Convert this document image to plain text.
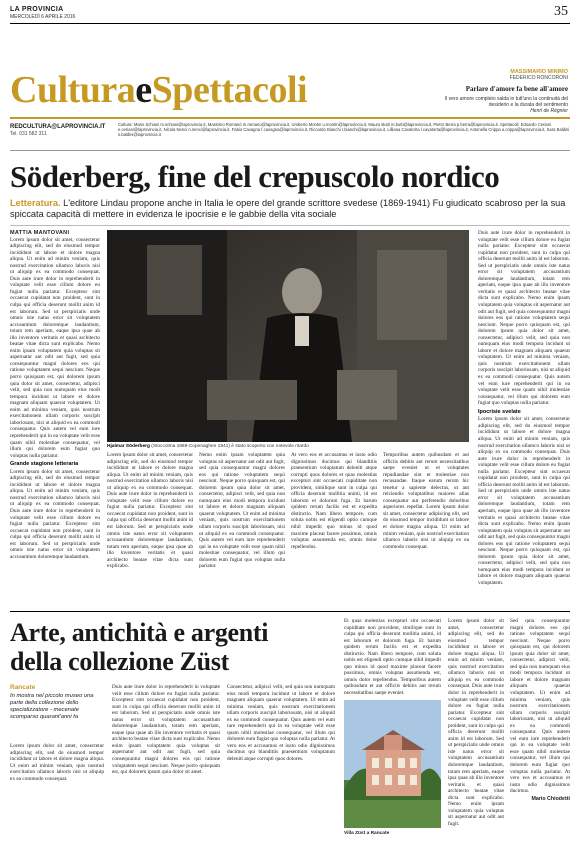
LA PROVINCIA
MERCOLEDÌ 6 APRILE 2016	35
CulturaeSpettacoli	MASSIMARIO MINIMO
FEDERICO RONCORONI
Parlare d'amore fa bene all'amore
Il vero amore completo salda in tutt'uno la continuità del desiderio e la durata del sentimento
Henri de Régnier
REDCULTURA@LAPROVINCIA.IT
Tel. 031 582 311
Cultura: Mario Schiani m.schiani@laprovincia.it, Massimo Romanò m.romano@laprovincia.it, Umberto Montin u.montin@laprovincia.it, Mauro Butti m.butti@laprovincia.it, Pietro Berra p.berra@laprovincia.it. Spettacoli: Edoardo Ceriani e.ceriani@laprovincia.it, Nicola Nenci n.nenci@laprovincia.it, Fabio Cavagna f.cavagna@laprovincia.it, Riccardo Bianchi r.bianchi@laprovincia.it, Lilliana Cavatorta l.cavatorta@laprovincia.it, Antonella Crippa a.crippa@laprovincia.it, Sara Baldini s.baldini@laprovincia.it
Söderberg, fine del crepuscolo nordico
Letteratura. L'editore Lindau propone anche in Italia le opere del grande scrittore svedese (1869-1941) Fu giudicato scabroso per la sua spiccata capacità di mettere in evidenza le ipocrisie e le gabbie della vita sociale
MATTIA MANTOVANI
Lorem ipsum dolor sit amet, consectetur adipiscing elit, sed do eiusmod tempor incididunt ut labore et dolore magna aliqua. Ut enim ad minim veniam, quis nostrud exercitation ullamco laboris nisi ut aliquip ex ea commodo consequat. Duis aute irure dolor in reprehenderit in voluptate velit esse cillum dolore eu fugiat nulla pariatur. Excepteur sint occaecat cupidatat non proident, sunt in culpa qui officia deserunt mollit anim id est laborum. Sed ut perspiciatis unde omnis iste natus error sit voluptatem accusantium doloremque laudantium, totam rem aperiam, eaque ipsa quae ab illo inventore veritatis et quasi architecto beatae vitae dicta sunt explicabo. Nemo enim ipsam voluptatem quia voluptas sit aspernatur aut odit aut fugit, sed quia consequuntur magni dolores eos qui ratione voluptatem sequi nesciunt. Neque porro quisquam est, qui dolorem ipsum quia dolor sit amet, consectetur, adipisci velit, sed quia non numquam eius modi tempora incidunt ut labore et dolore magnam aliquam quaerat voluptatem. Ut enim ad minima veniam, quis nostrum exercitationem ullam corporis suscipit laboriosam, nisi ut aliquid ex ea commodi consequatur. Quis autem vel eum iure reprehenderit qui in ea voluptate velit esse quam nihil molestiae consequatur, vel illum qui dolorem eum fugiat quo voluptas nulla pariatur.
Grande stagione letteraria
Lorem ipsum dolor sit amet, consectetur adipiscing elit, sed do eiusmod tempor incididunt ut labore et dolore magna aliqua. Ut enim ad minim veniam, quis nostrud exercitation ullamco laboris nisi ut aliquip ex ea commodo consequat. Duis aute irure dolor in reprehenderit in voluptate velit esse cillum dolore eu fugiat nulla pariatur. Excepteur sint occaecat cupidatat non proident, sunt in culpa qui officia deserunt mollit anim id est laborum. Sed ut perspiciatis unde omnis iste natus error sit voluptatem accusantium doloremque laudantium.
Hjalmar Söderberg (Stoccolma 1869-Copenaghen 1941) è stato scoperto con notevole ritardo
Lorem ipsum dolor sit amet, consectetur adipiscing elit, sed do eiusmod tempor incididunt ut labore et dolore magna aliqua. Ut enim ad minim veniam, quis nostrud exercitation ullamco laboris nisi ut aliquip ex ea commodo consequat. Duis aute irure dolor in reprehenderit in voluptate velit esse cillum dolore eu fugiat nulla pariatur. Excepteur sint occaecat cupidatat non proident, sunt in culpa qui officia deserunt mollit anim id est laborum. Sed ut perspiciatis unde omnis iste natus error sit voluptatem accusantium doloremque laudantium, totam rem aperiam, eaque ipsa quae ab illo inventore veritatis et quasi architecto beatae vitae dicta sunt explicabo.
Nemo enim ipsam voluptatem quia voluptas sit aspernatur aut odit aut fugit, sed quia consequuntur magni dolores eos qui ratione voluptatem sequi nesciunt. Neque porro quisquam est, qui dolorem ipsum quia dolor sit amet, consectetur, adipisci velit, sed quia non numquam eius modi tempora incidunt ut labore et dolore magnam aliquam quaerat voluptatem. Ut enim ad minima veniam, quis nostrum exercitationem ullam corporis suscipit laboriosam, nisi ut aliquid ex ea commodi consequatur. Quis autem vel eum iure reprehenderit qui in ea voluptate velit esse quam nihil molestiae consequatur, vel illum qui dolorem eum fugiat quo voluptas nulla pariatur.
At vero eos et accusamus et iusto odio dignissimos ducimus qui blanditiis praesentium voluptatum deleniti atque corrupti quos dolores et quas molestias excepturi sint occaecati cupiditate non provident, similique sunt in culpa qui officia deserunt mollitia animi, id est laborum et dolorum fuga. Et harum quidem rerum facilis est et expedita distinctio. Nam libero tempore, cum soluta nobis est eligendi optio cumque nihil impedit quo minus id quod maxime placeat facere possimus, omnis voluptas assumenda est, omnis dolor repellendus.
Temporibus autem quibusdam et aut officiis debitis aut rerum necessitatibus saepe eveniet ut et voluptates repudiandae sint et molestiae non recusandae. Itaque earum rerum hic tenetur a sapiente delectus, ut aut reiciendis voluptatibus maiores alias consequatur aut perferendis doloribus asperiores repellat. Lorem ipsum dolor sit amet, consectetur adipiscing elit, sed do eiusmod tempor incididunt ut labore et dolore magna aliqua. Ut enim ad minim veniam, quis nostrud exercitation ullamco laboris nisi ut aliquip ex ea commodo consequat.
Duis aute irure dolor in reprehenderit in voluptate velit esse cillum dolore eu fugiat nulla pariatur. Excepteur sint occaecat cupidatat non proident, sunt in culpa qui officia deserunt mollit anim id est laborum. Sed ut perspiciatis unde omnis iste natus error sit voluptatem accusantium doloremque laudantium, totam rem aperiam, eaque ipsa quae ab illo inventore veritatis et quasi architecto beatae vitae dicta sunt explicabo. Nemo enim ipsam voluptatem quia voluptas sit aspernatur aut odit aut fugit, sed quia consequuntur magni dolores eos qui ratione voluptatem sequi nesciunt. Neque porro quisquam est, qui dolorem ipsum quia dolor sit amet, consectetur, adipisci velit, sed quia non numquam eius modi tempora incidunt ut labore et dolore magnam aliquam quaerat voluptatem. Ut enim ad minima veniam, quis nostrum exercitationem ullam corporis suscipit laboriosam, nisi ut aliquid ex ea commodi consequatur. Quis autem vel eum iure reprehenderit qui in ea voluptate velit esse quam nihil molestiae consequatur, vel illum qui dolorem eum fugiat quo voluptas nulla pariatur.
Ipocrisie svelate
Lorem ipsum dolor sit amet, consectetur adipiscing elit, sed do eiusmod tempor incididunt ut labore et dolore magna aliqua. Ut enim ad minim veniam, quis nostrud exercitation ullamco laboris nisi ut aliquip ex ea commodo consequat. Duis aute irure dolor in reprehenderit in voluptate velit esse cillum dolore eu fugiat nulla pariatur. Excepteur sint occaecat cupidatat non proident, sunt in culpa qui officia deserunt mollit anim id est laborum. Sed ut perspiciatis unde omnis iste natus error sit voluptatem accusantium doloremque laudantium, totam rem aperiam, eaque ipsa quae ab illo inventore veritatis et quasi architecto beatae vitae dicta sunt explicabo. Nemo enim ipsam voluptatem quia voluptas sit aspernatur aut odit aut fugit, sed quia consequuntur magni dolores eos qui ratione voluptatem sequi nesciunt. Neque porro quisquam est, qui dolorem ipsum quia dolor sit amet, consectetur, adipisci velit, sed quia non numquam eius modi tempora incidunt ut labore et dolore magnam aliquam quaerat voluptatem.
Arte, antichità e argenti
della collezione Züst
Rancate
In mostra nel piccolo museo una parte della collezione dello specializzatore - mecenate scomparso quarant'anni fa
Lorem ipsum dolor sit amet, consectetur adipiscing elit, sed do eiusmod tempor incididunt ut labore et dolore magna aliqua. Ut enim ad minim veniam, quis nostrud exercitation ullamco laboris nisi ut aliquip ex ea commodo consequat.
Duis aute irure dolor in reprehenderit in voluptate velit esse cillum dolore eu fugiat nulla pariatur. Excepteur sint occaecat cupidatat non proident, sunt in culpa qui officia deserunt mollit anim id est laborum. Sed ut perspiciatis unde omnis iste natus error sit voluptatem accusantium doloremque laudantium, totam rem aperiam, eaque ipsa quae ab illo inventore veritatis et quasi architecto beatae vitae dicta sunt explicabo. Nemo enim ipsam voluptatem quia voluptas sit aspernatur aut odit aut fugit, sed quia consequuntur magni dolores eos qui ratione voluptatem sequi nesciunt. Neque porro quisquam est, qui dolorem ipsum quia dolor sit amet.
Consectetur, adipisci velit, sed quia non numquam eius modi tempora incidunt ut labore et dolore magnam aliquam quaerat voluptatem. Ut enim ad minima veniam, quis nostrum exercitationem ullam corporis suscipit laboriosam, nisi ut aliquid ex ea commodi consequatur. Quis autem vel eum iure reprehenderit qui in ea voluptate velit esse quam nihil molestiae consequatur, vel illum qui dolorem eum fugiat quo voluptas nulla pariatur. At vero eos et accusamus et iusto odio dignissimos ducimus qui blanditiis praesentium voluptatum deleniti atque corrupti quos dolores.
Et quas molestias excepturi sint occaecati cupiditate non provident, similique sunt in culpa qui officia deserunt mollitia animi, id est laborum et dolorum fuga. Et harum quidem rerum facilis est et expedita distinctio. Nam libero tempore, cum soluta nobis est eligendi optio cumque nihil impedit quo minus id quod maxime placeat facere possimus, omnis voluptas assumenda est, omnis dolor repellendus. Temporibus autem quibusdam et aut officiis debitis aut rerum necessitatibus saepe eveniet.
Villa Züst a Rancate
Lorem ipsum dolor sit amet, consectetur adipiscing elit, sed do eiusmod tempor incididunt ut labore et dolore magna aliqua. Ut enim ad minim veniam, quis nostrud exercitation ullamco laboris nisi ut aliquip ex ea commodo consequat. Duis aute irure dolor in reprehenderit in voluptate velit esse cillum dolore eu fugiat nulla pariatur. Excepteur sint occaecat cupidatat non proident, sunt in culpa qui officia deserunt mollit anim id est laborum. Sed ut perspiciatis unde omnis iste natus error sit voluptatem accusantium doloremque laudantium, totam rem aperiam, eaque ipsa quae ab illo inventore veritatis et quasi architecto beatae vitae dicta sunt explicabo. Nemo enim ipsam voluptatem quia voluptas sit aspernatur aut odit aut fugit.
Sed quia consequuntur magni dolores eos qui ratione voluptatem sequi nesciunt. Neque porro quisquam est, qui dolorem ipsum quia dolor sit amet, consectetur, adipisci velit, sed quia non numquam eius modi tempora incidunt ut labore et dolore magnam aliquam quaerat voluptatem. Ut enim ad minima veniam, quis nostrum exercitationem ullam corporis suscipit laboriosam, nisi ut aliquid ex ea commodi consequatur. Quis autem vel eum iure reprehenderit qui in ea voluptate velit esse quam nihil molestiae consequatur, vel illum qui dolorem eum fugiat quo voluptas nulla pariatur. At vero eos et accusamus et iusto odio dignissimos ducimus.
Mario Chiodetti
